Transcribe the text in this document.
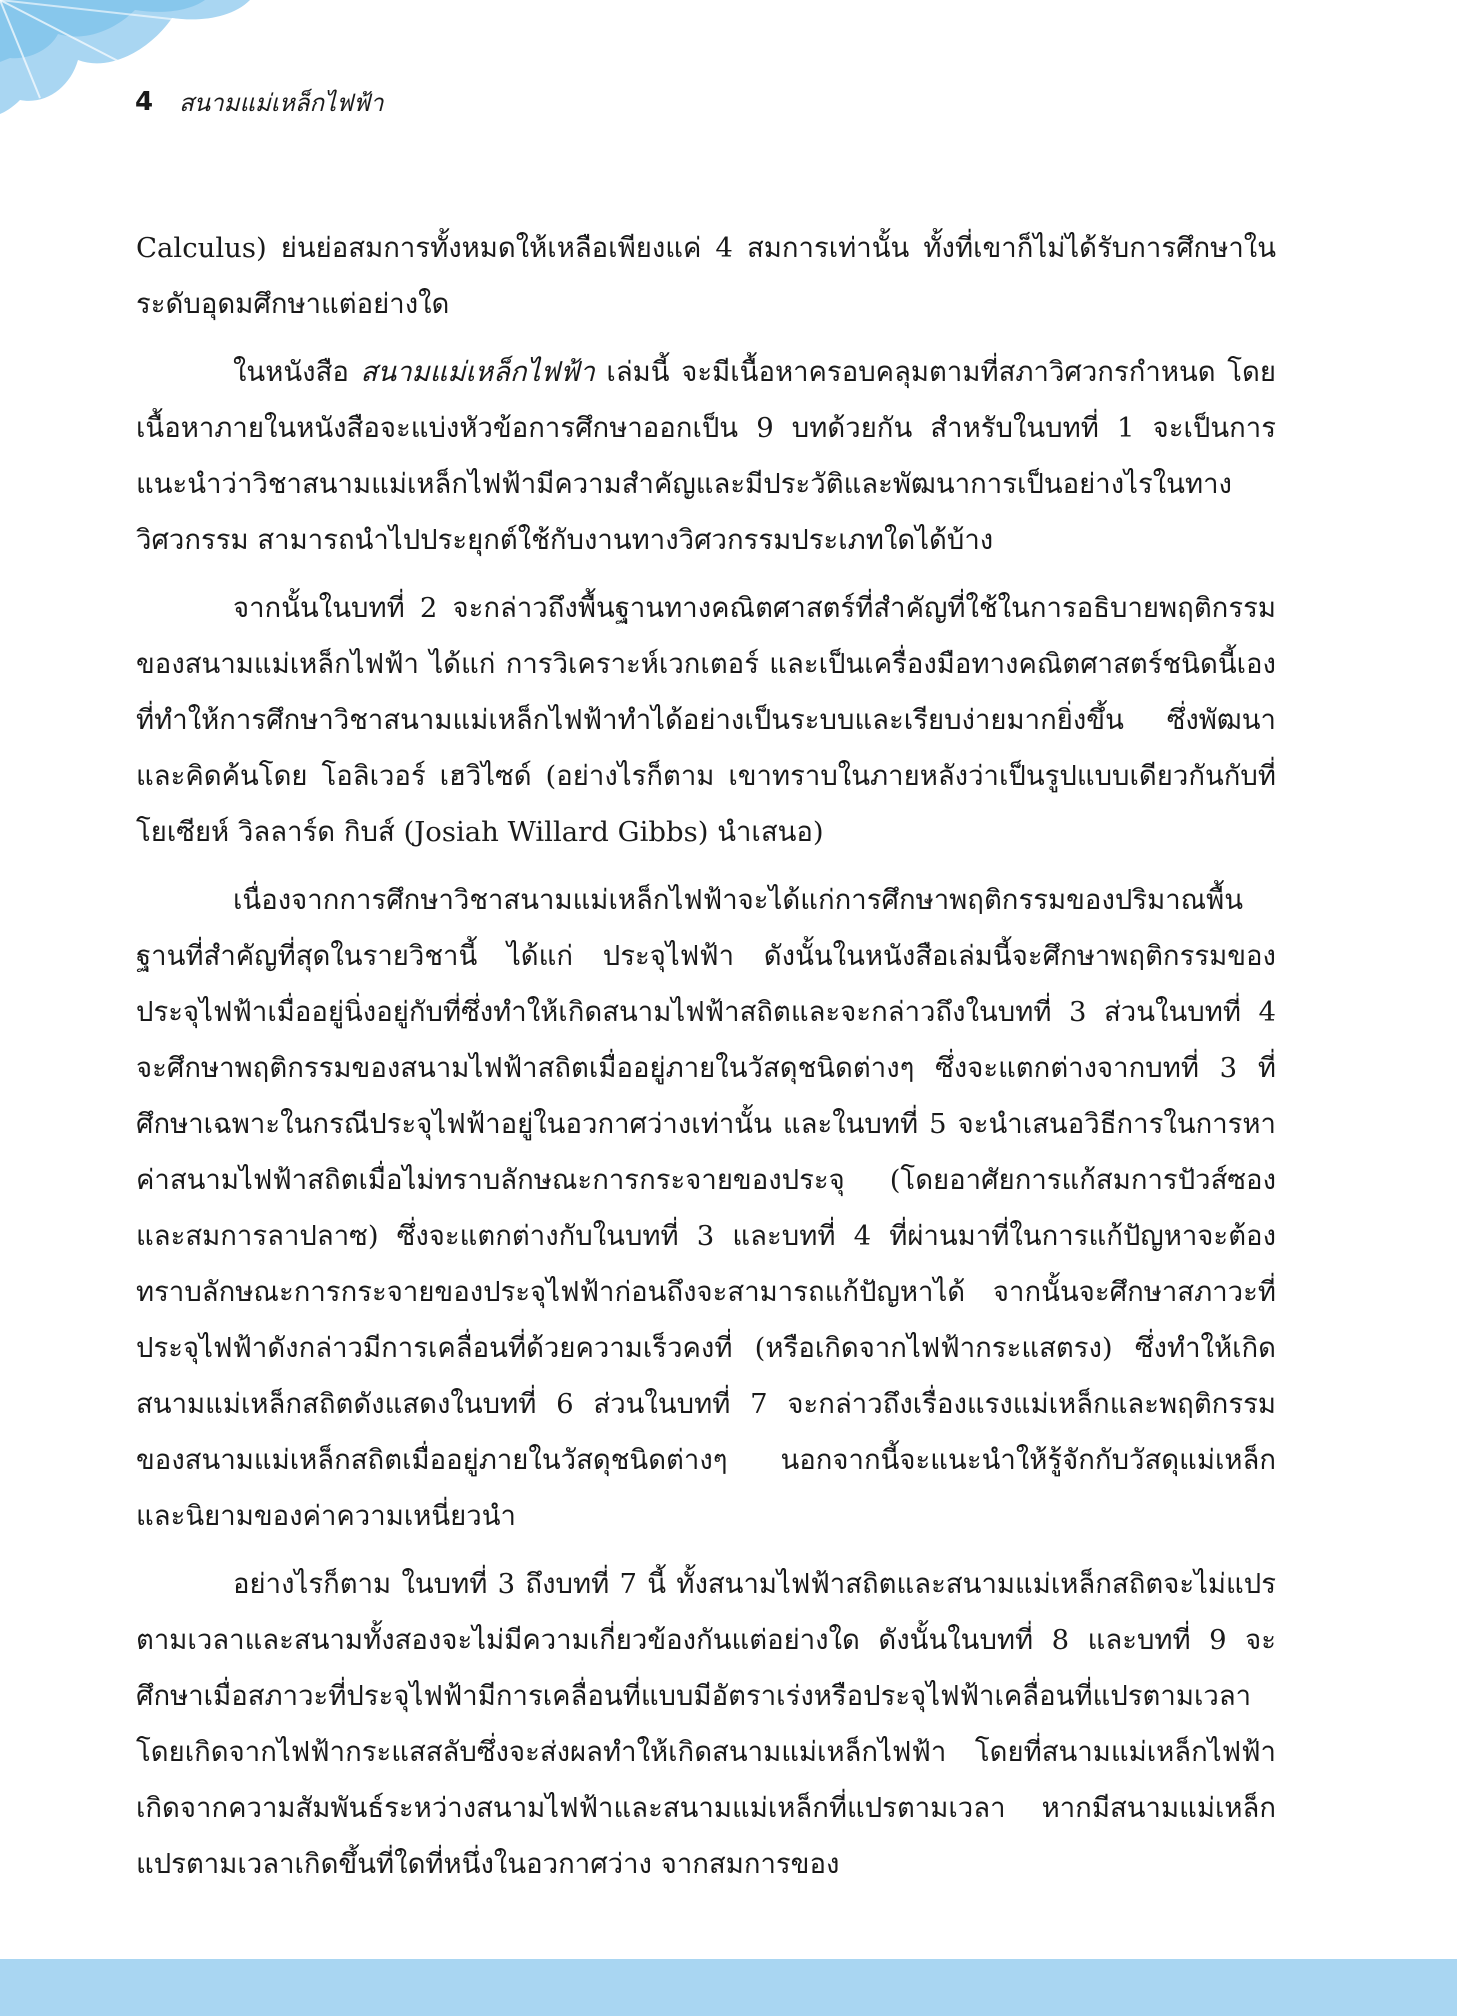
4 สนามแม่เหล็กไฟฟ้า

Calculus) ย่นย่อสมการทั้งหมดให้เหลือเพียงแค่ 4 สมการเท่านั้น ทั้งที่เขาก็ไม่ได้รับการศึกษาในระดับอุดมศึกษาแต่อย่างใด

ในหนังสือ สนามแม่เหล็กไฟฟ้า เล่มนี้ จะมีเนื้อหาครอบคลุมตามที่สภาวิศวกรกำหนด โดยเนื้อหาภายในหนังสือจะแบ่งหัวข้อการศึกษาออกเป็น 9 บทด้วยกัน สำหรับในบทที่ 1 จะเป็นการแนะนำว่าวิชาสนามแม่เหล็กไฟฟ้ามีความสำคัญและมีประวัติและพัฒนาการเป็นอย่างไรในทางวิศวกรรม สามารถนำไปประยุกต์ใช้กับงานทางวิศวกรรมประเภทใดได้บ้าง

จากนั้นในบทที่ 2 จะกล่าวถึงพื้นฐานทางคณิตศาสตร์ที่สำคัญที่ใช้ในการอธิบายพฤติกรรมของสนามแม่เหล็กไฟฟ้า ได้แก่ การวิเคราะห์เวกเตอร์ และเป็นเครื่องมือทางคณิตศาสตร์ชนิดนี้เองที่ทำให้การศึกษาวิชาสนามแม่เหล็กไฟฟ้าทำได้อย่างเป็นระบบและเรียบง่ายมากยิ่งขึ้น ซึ่งพัฒนาและคิดค้นโดย โอลิเวอร์ เฮวิไซด์ (อย่างไรก็ตาม เขาทราบในภายหลังว่าเป็นรูปแบบเดียวกันกับที่ โยเซียห์ วิลลาร์ด กิบส์ (Josiah Willard Gibbs) นำเสนอ)

เนื่องจากการศึกษาวิชาสนามแม่เหล็กไฟฟ้าจะได้แก่การศึกษาพฤติกรรมของปริมาณพื้นฐานที่สำคัญที่สุดในรายวิชานี้ ได้แก่ ประจุไฟฟ้า ดังนั้นในหนังสือเล่มนี้จะศึกษาพฤติกรรมของประจุไฟฟ้าเมื่ออยู่นิ่งอยู่กับที่ซึ่งทำให้เกิดสนามไฟฟ้าสถิตและจะกล่าวถึงในบทที่ 3 ส่วนในบทที่ 4 จะศึกษาพฤติกรรมของสนามไฟฟ้าสถิตเมื่ออยู่ภายในวัสดุชนิดต่างๆ ซึ่งจะแตกต่างจากบทที่ 3 ที่ศึกษาเฉพาะในกรณีประจุไฟฟ้าอยู่ในอวกาศว่างเท่านั้น และในบทที่ 5 จะนำเสนอวิธีการในการหาค่าสนามไฟฟ้าสถิตเมื่อไม่ทราบลักษณะการกระจายของประจุ (โดยอาศัยการแก้สมการปัวส์ซองและสมการลาปลาซ) ซึ่งจะแตกต่างกับในบทที่ 3 และบทที่ 4 ที่ผ่านมาที่ในการแก้ปัญหาจะต้องทราบลักษณะการกระจายของประจุไฟฟ้าก่อนถึงจะสามารถแก้ปัญหาได้ จากนั้นจะศึกษาสภาวะที่ประจุไฟฟ้าดังกล่าวมีการเคลื่อนที่ด้วยความเร็วคงที่ (หรือเกิดจากไฟฟ้ากระแสตรง) ซึ่งทำให้เกิดสนามแม่เหล็กสถิตดังแสดงในบทที่ 6 ส่วนในบทที่ 7 จะกล่าวถึงเรื่องแรงแม่เหล็กและพฤติกรรมของสนามแม่เหล็กสถิตเมื่ออยู่ภายในวัสดุชนิดต่างๆ นอกจากนี้จะแนะนำให้รู้จักกับวัสดุแม่เหล็กและนิยามของค่าความเหนี่ยวนำ

อย่างไรก็ตาม ในบทที่ 3 ถึงบทที่ 7 นี้ ทั้งสนามไฟฟ้าสถิตและสนามแม่เหล็กสถิตจะไม่แปรตามเวลาและสนามทั้งสองจะไม่มีความเกี่ยวข้องกันแต่อย่างใด ดังนั้นในบทที่ 8 และบทที่ 9 จะศึกษาเมื่อสภาวะที่ประจุไฟฟ้ามีการเคลื่อนที่แบบมีอัตราเร่งหรือประจุไฟฟ้าเคลื่อนที่แปรตามเวลาโดยเกิดจากไฟฟ้ากระแสสลับซึ่งจะส่งผลทำให้เกิดสนามแม่เหล็กไฟฟ้า โดยที่สนามแม่เหล็กไฟฟ้าเกิดจากความสัมพันธ์ระหว่างสนามไฟฟ้าและสนามแม่เหล็กที่แปรตามเวลา หากมีสนามแม่เหล็กแปรตามเวลาเกิดขึ้นที่ใดที่หนึ่งในอวกาศว่าง จากสมการของ
